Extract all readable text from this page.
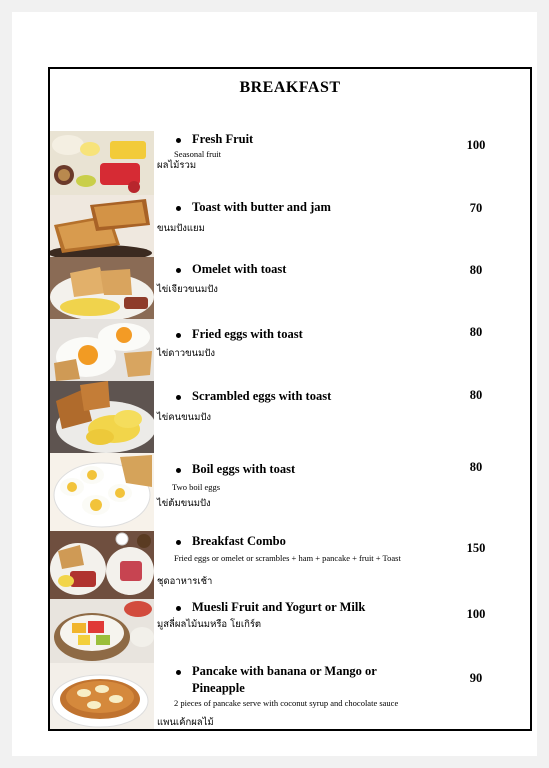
BREAKFAST
Fresh Fruit
Seasonal fruit
ผลไม้รวม
100
Toast with butter and jam
ขนมปังแยม
70
Omelet with toast
ไข่เจียวขนมปัง
80
Fried eggs with toast
ไข่ดาวขนมปัง
80
Scrambled eggs with toast
ไข่คนขนมปัง
80
Boil eggs with toast
Two boil eggs
ไข่ต้มขนมปัง
80
Breakfast Combo
Fried eggs or omelet or scrambles + ham + pancake + fruit + Toast
ชุดอาหารเช้า
150
Muesli Fruit and Yogurt or Milk
มูสลี่ผลไม้นมหรือ โยเกิร์ต
100
Pancake with banana or Mango or Pineapple
2 pieces of pancake serve with coconut syrup and chocolate sauce
แพนเค้กผลไม้
90
